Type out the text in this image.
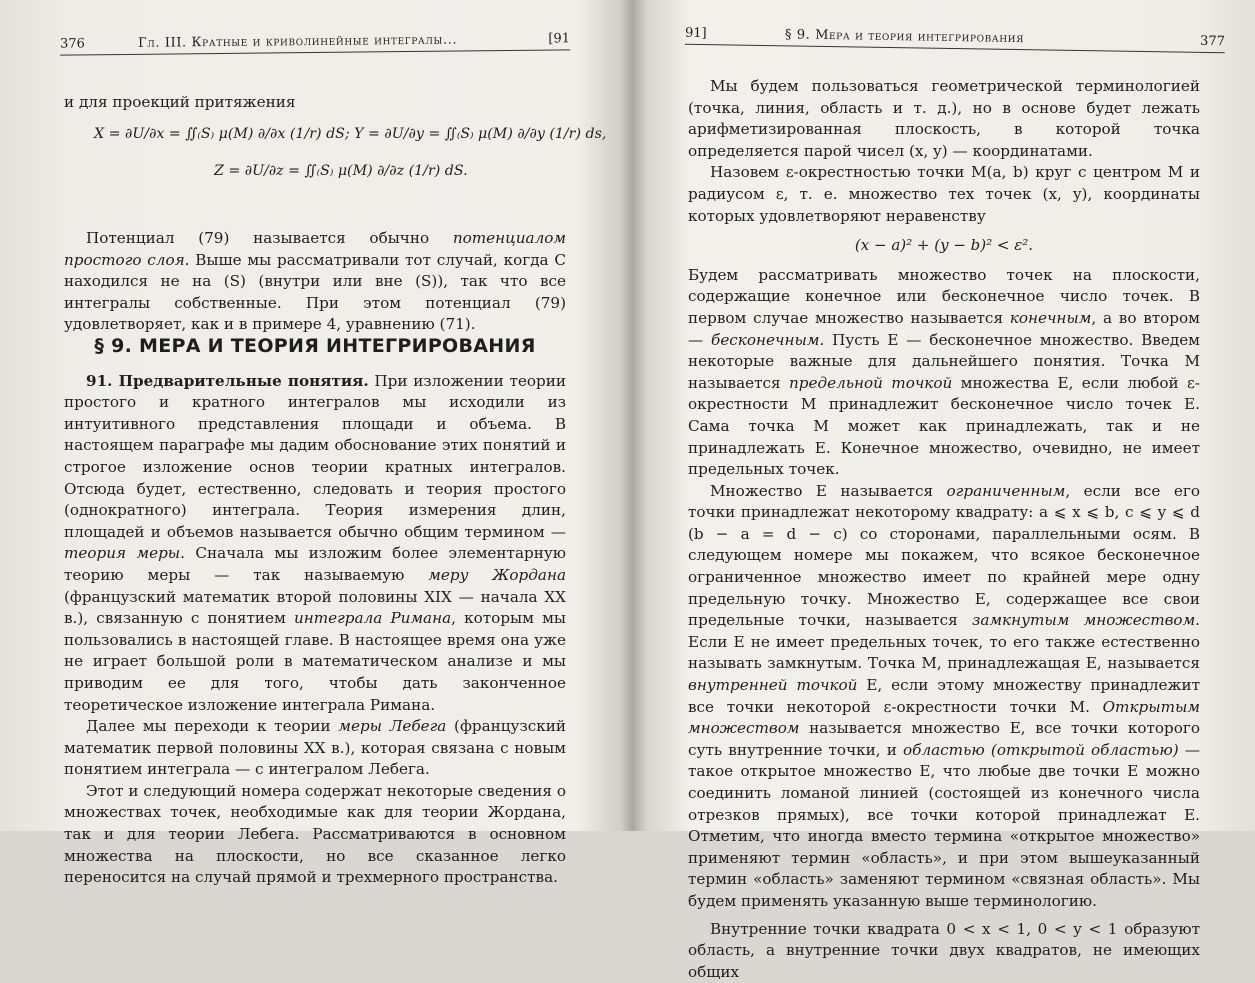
376	Гл. III. Кратные и криволинейные интегралы...	[91

и для проекций притяжения

X = ∂U/∂x = ∬₍S₎ μ(M) ∂/∂x (1/r) dS; Y = ∂U/∂y = ∬₍S₎ μ(M) ∂/∂y (1/r) ds,
Z = ∂U/∂z = ∬₍S₎ μ(M) ∂/∂z (1/r) dS.

Потенциал (79) называется обычно потенциалом простого слоя. Выше мы рассматривали тот случай, когда C находился не на (S) (внутри или вне (S)), так что все интегралы собственные. При этом потенциал (79) удовлетворяет, как и в примере 4, уравнению (71).

§ 9. МЕРА И ТЕОРИЯ ИНТЕГРИРОВАНИЯ

91. Предварительные понятия. При изложении теории простого и кратного интегралов мы исходили из интуитивного представления площади и объема. В настоящем параграфе мы дадим обоснование этих понятий и строгое изложение основ теории кратных интегралов. Отсюда будет, естественно, следовать и теория простого (однократного) интеграла. Теория измерения длин, площадей и объемов называется обычно общим термином — теория меры. Сначала мы изложим более элементарную теорию меры — так называемую меру Жордана (французский математик второй половины XIX — начала XX в.), связанную с понятием интеграла Римана, которым мы пользовались в настоящей главе. В настоящее время она уже не играет большой роли в математическом анализе и мы приводим ее для того, чтобы дать законченное теоретическое изложение интеграла Римана.

Далее мы переходи к теории меры Лебега (французский математик первой половины XX в.), которая связана с новым понятием интеграла — с интегралом Лебега.

Этот и следующий номера содержат некоторые сведения о множествах точек, необходимые как для теории Жордана, так и для теории Лебега. Рассматриваются в основном множества на плоскости, но все сказанное легко переносится на случай прямой и трехмерного пространства.

91]	§ 9. Мера и теория интегрирования	377

Мы будем пользоваться геометрической терминологией (точка, линия, область и т. д.), но в основе будет лежать арифметизированная плоскость, в которой точка определяется парой чисел (x, y) — координатами.

Назовем ε-окрестностью точки M(a, b) круг с центром M и радиусом ε, т. е. множество тех точек (x, y), координаты которых удовлетворяют неравенству

(x − a)² + (y − b)² < ε².

Будем рассматривать множество точек на плоскости, содержащие конечное или бесконечное число точек. В первом случае множество называется конечным, а во втором — бесконечным. Пусть E — бесконечное множество. Введем некоторые важные для дальнейшего понятия. Точка M называется предельной точкой множества E, если любой ε-окрестности M принадлежит бесконечное число точек E. Сама точка M может как принадлежать, так и не принадлежать E. Конечное множество, очевидно, не имеет предельных точек.

Множество E называется ограниченным, если все его точки принадлежат некоторому квадрату: a ⩽ x ⩽ b, c ⩽ y ⩽ d (b − a = d − c) со сторонами, параллельными осям. В следующем номере мы покажем, что всякое бесконечное ограниченное множество имеет по крайней мере одну предельную точку. Множество E, содержащее все свои предельные точки, называется замкнутым множеством. Если E не имеет предельных точек, то его также естественно называть замкнутым. Точка M, принадлежащая E, называется внутренней точкой E, если этому множеству принадлежит все точки некоторой ε-окрестности точки M. Открытым множеством называется множество E, все точки которого суть внутренние точки, и областью (открытой областью) — такое открытое множество E, что любые две точки E можно соединить ломаной линией (состоящей из конечного числа отрезков прямых), все точки которой принадлежат E. Отметим, что иногда вместо термина «открытое множество» применяют термин «область», и при этом вышеуказанный термин «область» заменяют термином «связная область». Мы будем применять указанную выше терминологию.

Внутренние точки квадрата 0 < x < 1, 0 < y < 1 образуют область, а внутренние точки двух квадратов, не имеющих общих
